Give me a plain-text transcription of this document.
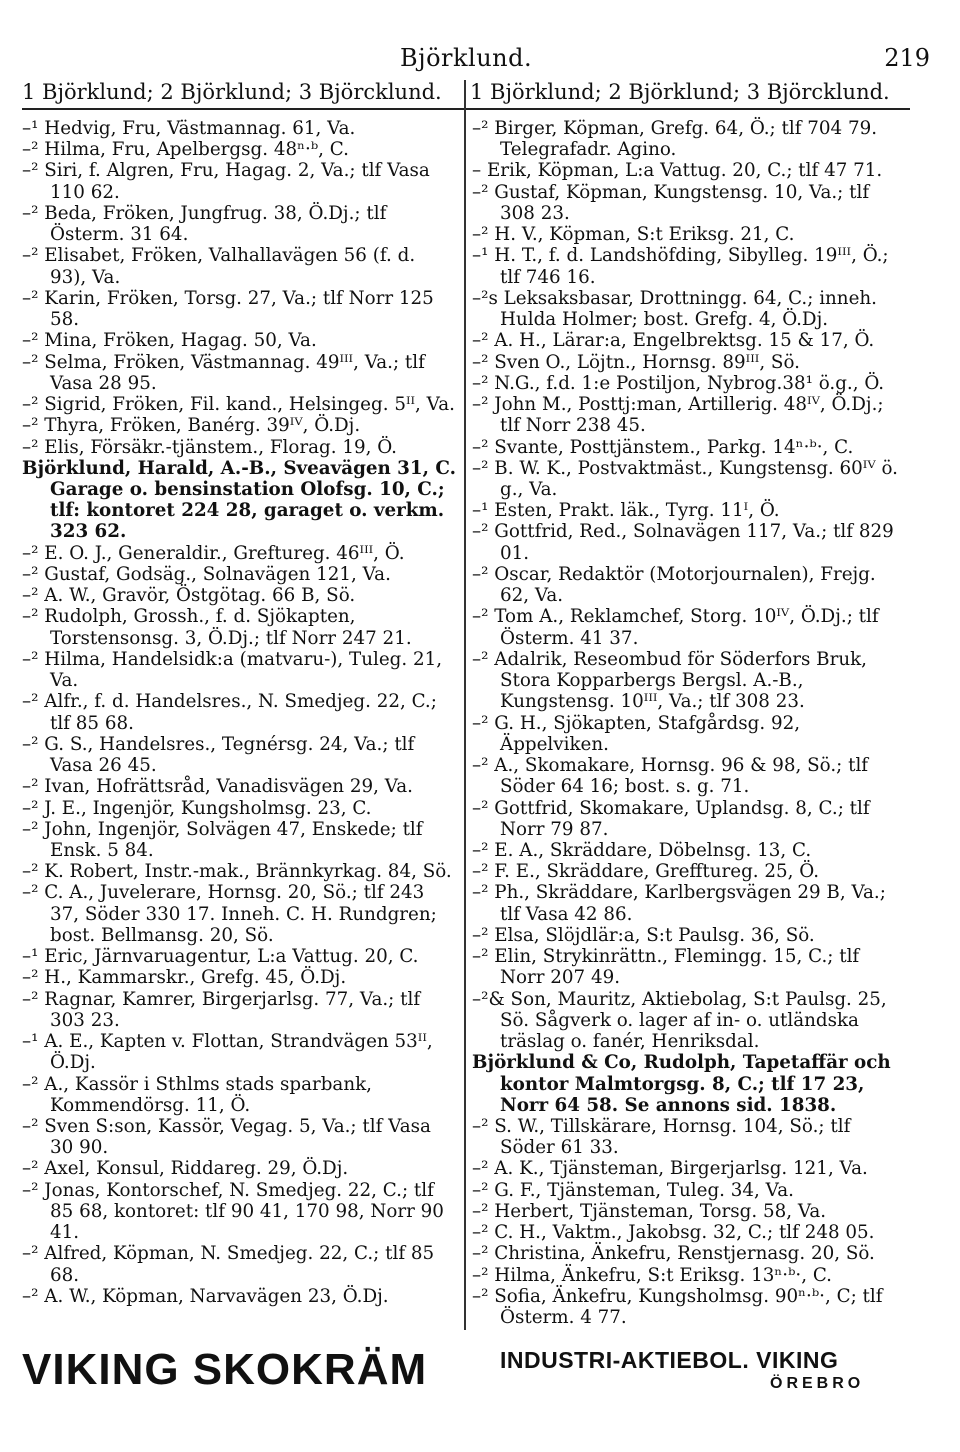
Björklund.	219
1 Björklund; 2 Björklund; 3 Björcklund.	1 Björklund; 2 Björklund; 3 Björcklund.
–¹ Hedvig, Fru, Västmannag. 61, Va.
–² Hilma, Fru, Apelbergsg. 48ⁿ·ᵇ, C.
–² Siri, f. Algren, Fru, Hagag. 2, Va.; tlf Vasa 110 62.
–² Beda, Fröken, Jungfrug. 38, Ö.Dj.; tlf Österm. 31 64.
–² Elisabet, Fröken, Valhallavägen 56 (f. d. 93), Va.
–² Karin, Fröken, Torsg. 27, Va.; tlf Norr 125 58.
–² Mina, Fröken, Hagag. 50, Va.
–² Selma, Fröken, Västmannag. 49ᴵᴵᴵ, Va.; tlf Vasa 28 95.
–² Sigrid, Fröken, Fil. kand., Helsingeg. 5ᴵᴵ, Va.
–² Thyra, Fröken, Banérg. 39ᴵⱽ, Ö.Dj.
–² Elis, Försäkr.-tjänstem., Florag. 19, Ö.
Björklund, Harald, A.-B., Sveavägen 31, C. Garage o. bensinstation Olofsg. 10, C.; tlf: kontoret 224 28, garaget o. verkm. 323 62.
–² E. O. J., Generaldir., Greftureg. 46ᴵᴵᴵ, Ö.
–² Gustaf, Godsäg., Solnavägen 121, Va.
–² A. W., Gravör, Östgötag. 66 B, Sö.
–² Rudolph, Grossh., f. d. Sjökapten, Torstensonsg. 3, Ö.Dj.; tlf Norr 247 21.
–² Hilma, Handelsidk:a (matvaru-), Tuleg. 21, Va.
–² Alfr., f. d. Handelsres., N. Smedjeg. 22, C.; tlf 85 68.
–² G. S., Handelsres., Tegnérsg. 24, Va.; tlf Vasa 26 45.
–² Ivan, Hofrättsråd, Vanadisvägen 29, Va.
–² J. E., Ingenjör, Kungsholmsg. 23, C.
–² John, Ingenjör, Solvägen 47, Enskede; tlf Ensk. 5 84.
–² K. Robert, Instr.-mak., Brännkyrkag. 84, Sö.
–² C. A., Juvelerare, Hornsg. 20, Sö.; tlf 243 37, Söder 330 17. Inneh. C. H. Rundgren; bost. Bellmansg. 20, Sö.
–¹ Eric, Järnvaruagentur, L:a Vattug. 20, C.
–² H., Kammarskr., Grefg. 45, Ö.Dj.
–² Ragnar, Kamrer, Birgerjarlsg. 77, Va.; tlf 303 23.
–¹ A. E., Kapten v. Flottan, Strandvägen 53ᴵᴵ, Ö.Dj.
–² A., Kassör i Sthlms stads sparbank, Kommendörsg. 11, Ö.
–² Sven S:son, Kassör, Vegag. 5, Va.; tlf Vasa 30 90.
–² Axel, Konsul, Riddareg. 29, Ö.Dj.
–² Jonas, Kontorschef, N. Smedjeg. 22, C.; tlf 85 68, kontoret: tlf 90 41, 170 98, Norr 90 41.
–² Alfred, Köpman, N. Smedjeg. 22, C.; tlf 85 68.
–² A. W., Köpman, Narvavägen 23, Ö.Dj.
–² Birger, Köpman, Grefg. 64, Ö.; tlf 704 79. Telegrafadr. Agino.
– Erik, Köpman, L:a Vattug. 20, C.; tlf 47 71.
–² Gustaf, Köpman, Kungstensg. 10, Va.; tlf 308 23.
–² H. V., Köpman, S:t Eriksg. 21, C.
–¹ H. T., f. d. Landshöfding, Sibylleg. 19ᴵᴵᴵ, Ö.; tlf 746 16.
–²s Leksaksbasar, Drottningg. 64, C.; inneh. Hulda Holmer; bost. Grefg. 4, Ö.Dj.
–² A. H., Lärar:a, Engelbrektsg. 15 & 17, Ö.
–² Sven O., Löjtn., Hornsg. 89ᴵᴵᴵ, Sö.
–² N.G., f.d. 1:e Postiljon, Nybrog.38¹ ö.g., Ö.
–² John M., Posttj:man, Artillerig. 48ᴵⱽ, Ö.Dj.; tlf Norr 238 45.
–² Svante, Posttjänstem., Parkg. 14ⁿ·ᵇ·, C.
–² B. W. K., Postvaktmäst., Kungstensg. 60ᴵⱽ ö. g., Va.
–¹ Esten, Prakt. läk., Tyrg. 11ᴵ, Ö.
–² Gottfrid, Red., Solnavägen 117, Va.; tlf 829 01.
–² Oscar, Redaktör (Motorjournalen), Frejg. 62, Va.
–² Tom A., Reklamchef, Storg. 10ᴵⱽ, Ö.Dj.; tlf Österm. 41 37.
–² Adalrik, Reseombud för Söderfors Bruk, Stora Kopparbergs Bergsl. A.-B., Kungstensg. 10ᴵᴵᴵ, Va.; tlf 308 23.
–² G. H., Sjökapten, Stafgårdsg. 92, Äppelviken.
–² A., Skomakare, Hornsg. 96 & 98, Sö.; tlf Söder 64 16; bost. s. g. 71.
–² Gottfrid, Skomakare, Uplandsg. 8, C.; tlf Norr 79 87.
–² E. A., Skräddare, Döbelnsg. 13, C.
–² F. E., Skräddare, Grefftureg. 25, Ö.
–² Ph., Skräddare, Karlbergsvägen 29 B, Va.; tlf Vasa 42 86.
–² Elsa, Slöjdlär:a, S:t Paulsg. 36, Sö.
–² Elin, Strykinrättn., Flemingg. 15, C.; tlf Norr 207 49.
–²& Son, Mauritz, Aktiebolag, S:t Paulsg. 25, Sö. Sågverk o. lager af in- o. utländska träslag o. fanér, Henriksdal.
Björklund & Co, Rudolph, Tapetaffär och kontor Malmtorgsg. 8, C.; tlf 17 23, Norr 64 58. Se annons sid. 1838.
–² S. W., Tillskärare, Hornsg. 104, Sö.; tlf Söder 61 33.
–² A. K., Tjänsteman, Birgerjarlsg. 121, Va.
–² G. F., Tjänsteman, Tuleg. 34, Va.
–² Herbert, Tjänsteman, Torsg. 58, Va.
–² C. H., Vaktm., Jakobsg. 32, C.; tlf 248 05.
–² Christina, Änkefru, Renstjernasg. 20, Sö.
–² Hilma, Änkefru, S:t Eriksg. 13ⁿ·ᵇ·, C.
–² Sofia, Änkefru, Kungsholmsg. 90ⁿ·ᵇ·, C; tlf Österm. 4 77.
VIKING SKOKRÄM	INDUSTRI-AKTIEBOL. VIKING
ÖREBRO
